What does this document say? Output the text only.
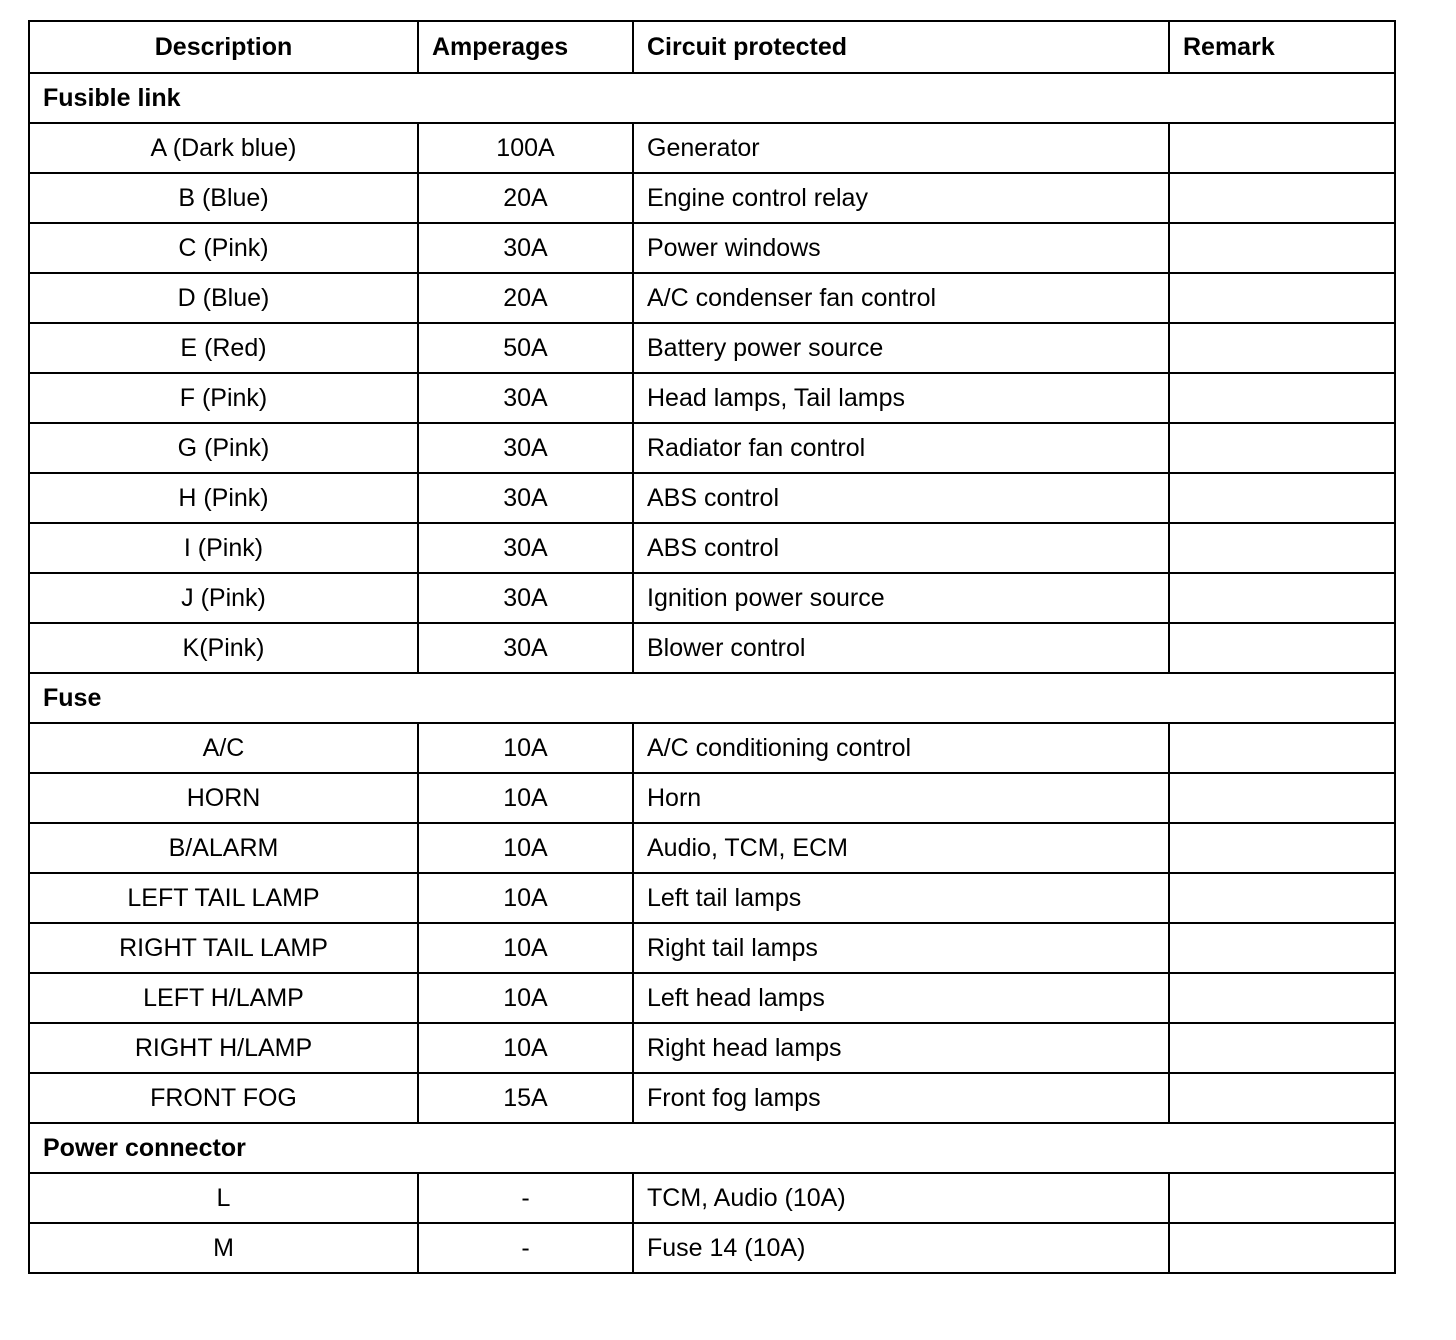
Description	Amperages	Circuit protected	Remark
Fusible link			
A (Dark blue)	100A	Generator	
B (Blue)	20A	Engine control relay	
C (Pink)	30A	Power windows	
D (Blue)	20A	A/C condenser fan control	
E (Red)	50A	Battery power source	
F (Pink)	30A	Head lamps, Tail lamps	
G (Pink)	30A	Radiator fan control	
H (Pink)	30A	ABS control	
I (Pink)	30A	ABS control	
J (Pink)	30A	Ignition power source	
K(Pink)	30A	Blower control	
Fuse			
A/C	10A	A/C conditioning control	
HORN	10A	Horn	
B/ALARM	10A	Audio, TCM, ECM	
LEFT TAIL LAMP	10A	Left tail lamps	
RIGHT TAIL LAMP	10A	Right tail lamps	
LEFT H/LAMP	10A	Left head lamps	
RIGHT H/LAMP	10A	Right head lamps	
FRONT FOG	15A	Front fog lamps	
Power connector			
L	-	TCM, Audio (10A)	
M	-	Fuse 14 (10A)	
